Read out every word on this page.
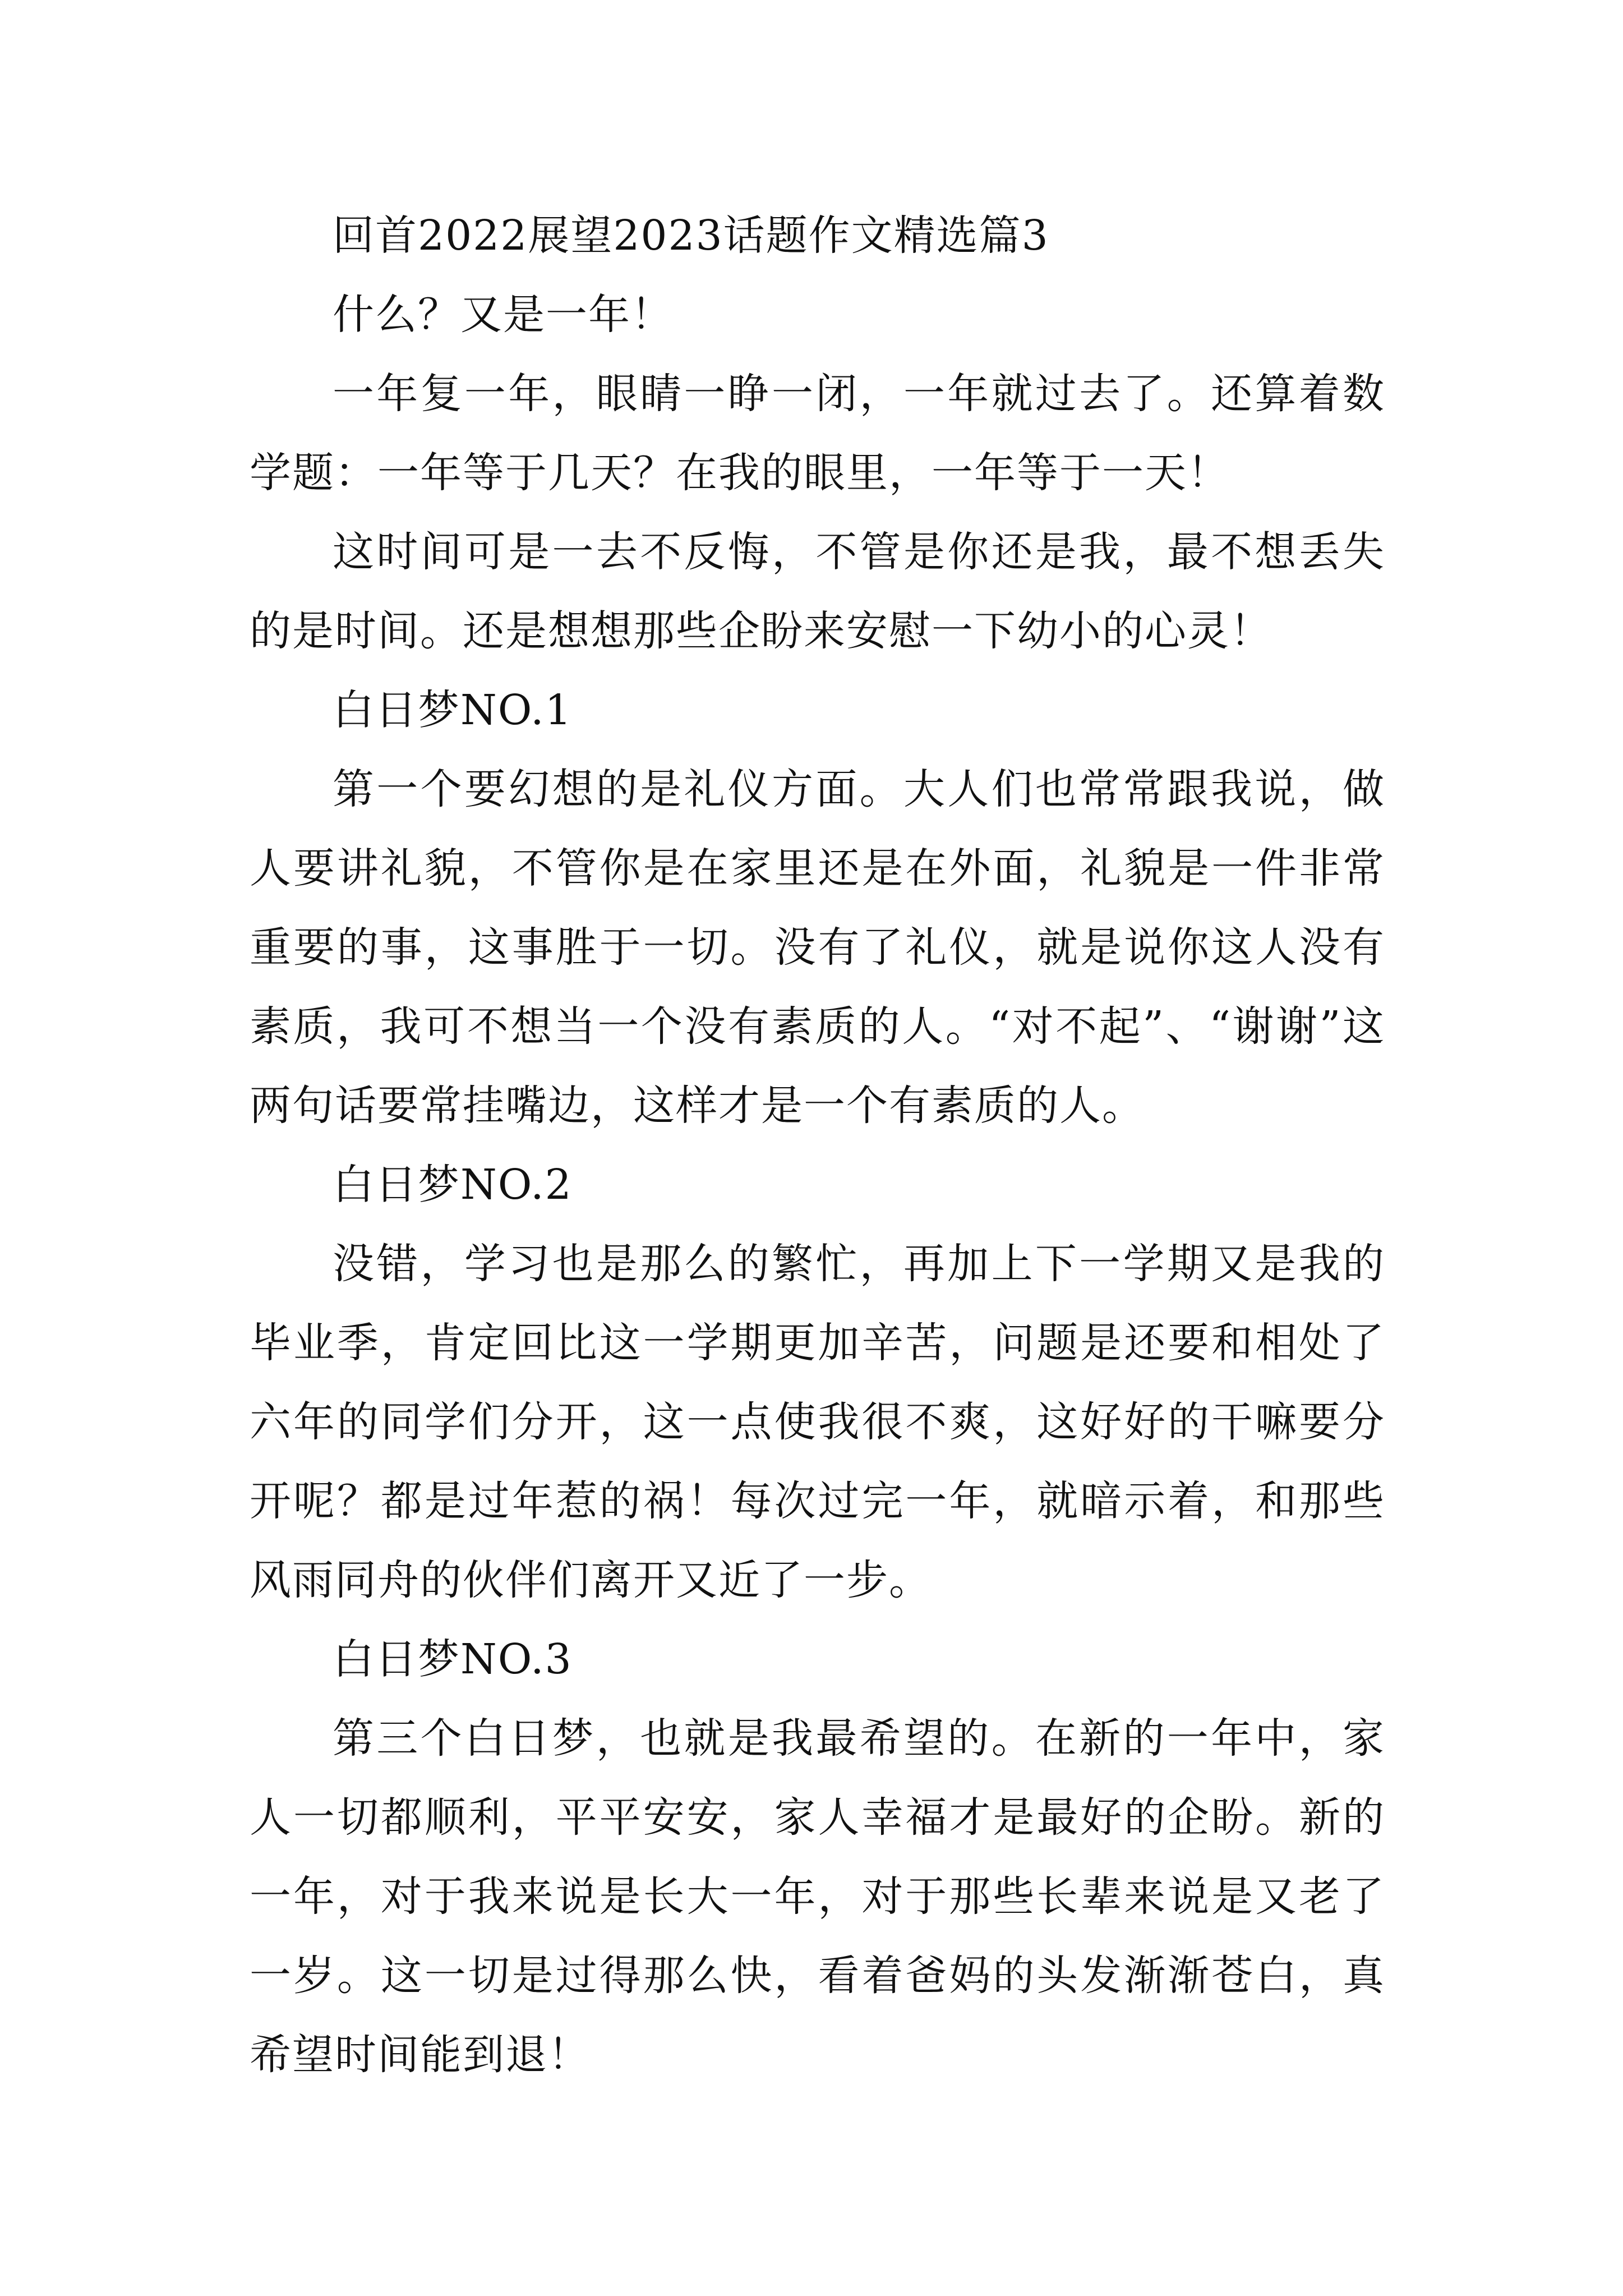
回首2022展望2023话题作文精选篇3

什么？又是一年！

一年复一年，眼睛一睁一闭，一年就过去了。还算着数学题：一年等于几天？在我的眼里，一年等于一天！

这时间可是一去不反悔，不管是你还是我，最不想丢失的是时间。还是想想那些企盼来安慰一下幼小的心灵！

白日梦NO.1

第一个要幻想的是礼仪方面。大人们也常常跟我说，做人要讲礼貌，不管你是在家里还是在外面，礼貌是一件非常重要的事，这事胜于一切。没有了礼仪，就是说你这人没有素质，我可不想当一个没有素质的人。“对不起”、“谢谢”这两句话要常挂嘴边，这样才是一个有素质的人。

白日梦NO.2

没错，学习也是那么的繁忙，再加上下一学期又是我的毕业季，肯定回比这一学期更加辛苦，问题是还要和相处了六年的同学们分开，这一点使我很不爽，这好好的干嘛要分开呢？都是过年惹的祸！每次过完一年，就暗示着，和那些风雨同舟的伙伴们离开又近了一步。

白日梦NO.3

第三个白日梦，也就是我最希望的。在新的一年中，家人一切都顺利，平平安安，家人幸福才是最好的企盼。新的一年，对于我来说是长大一年，对于那些长辈来说是又老了一岁。这一切是过得那么快，看着爸妈的头发渐渐苍白，真希望时间能到退！
